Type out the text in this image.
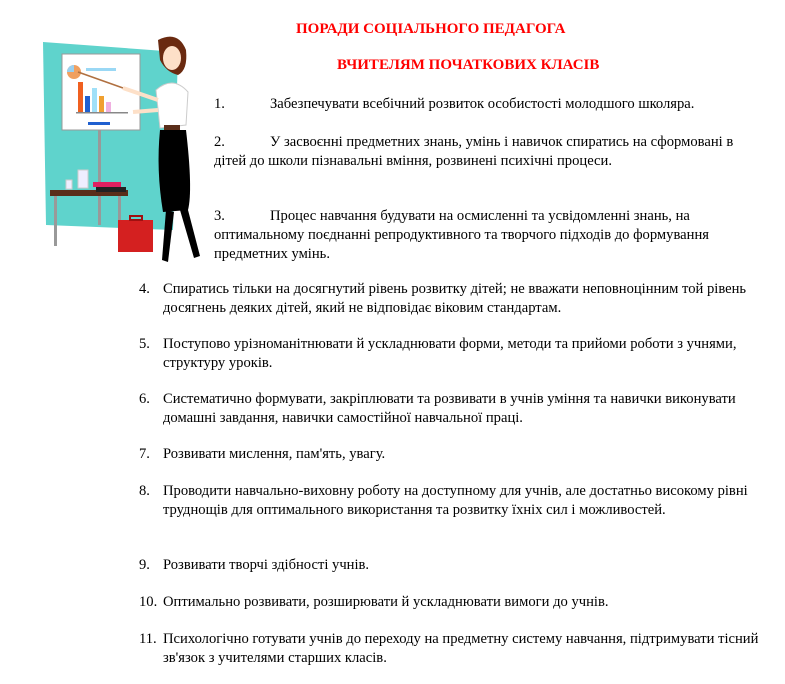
ПОРАДИ СОЦІАЛЬНОГО ПЕДАГОГА
ВЧИТЕЛЯМ ПОЧАТКОВИХ КЛАСІВ
1.	Забезпечувати всебічний розвиток особистості молодшого школяра.
2.	У засвоєнні предметних знань, умінь і навичок спиратись на сформовані в дітей до школи пізнавальні вміння, розвинені психічні процеси.
3.	Процес навчання будувати на осмисленні та усвідомленні знань, на оптимальному поєднанні репродуктивного та творчого підходів до формування предметних умінь.
4. Спиратись тільки на досягнутий рівень розвитку дітей; не вважати неповноцінним той рівень досягнень деяких дітей, який не відповідає віковим стандартам.
5. Поступово урізноманітнювати й ускладнювати форми, методи та прийоми роботи з учнями, структуру уроків.
6. Систематично формувати, закріплювати та розвивати в учнів уміння та навички виконувати домашні завдання, навички самостійної навчальної праці.
7. Розвивати мислення, пам'ять, увагу.
8. Проводити навчально-виховну роботу на доступному для учнів, але достатньо високому рівні труднощів для оптимального використання та розвитку їхніх сил і можливостей.
9. Розвивати творчі здібності учнів.
10. Оптимально розвивати, розширювати й ускладнювати вимоги до учнів.
11. Психологічно готувати учнів до переходу на предметну систему навчання, підтримувати тісний зв'язок з учителями старших класів.
